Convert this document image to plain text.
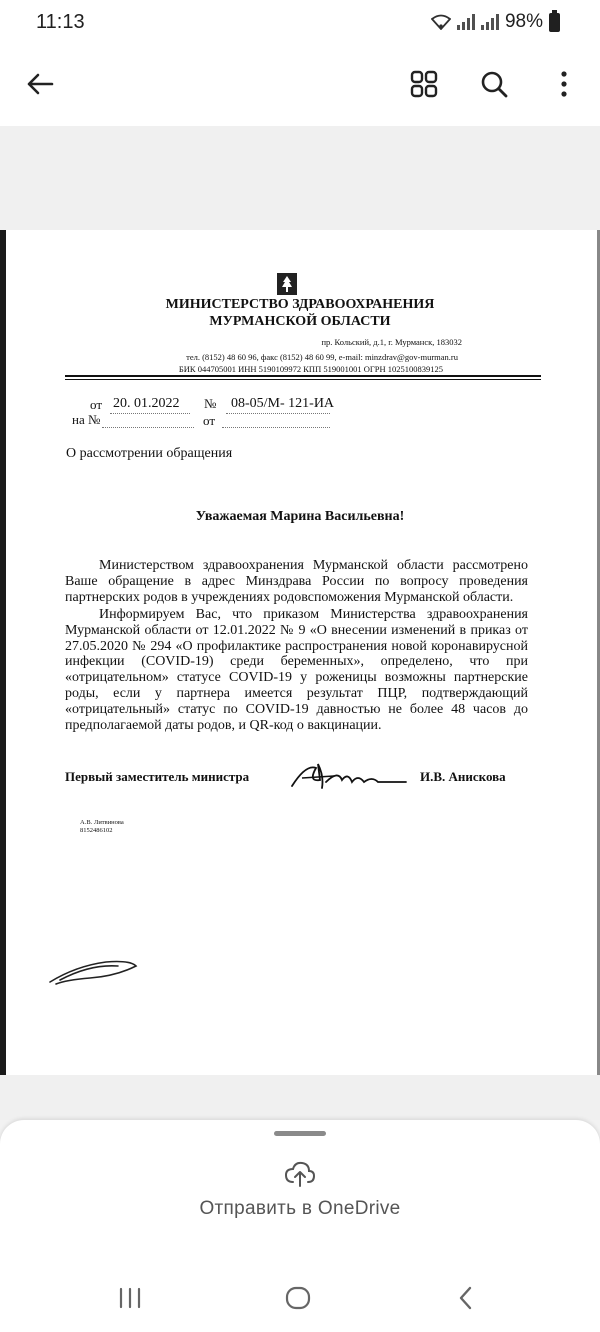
11:13	98%
МИНИСТЕРСТВО ЗДРАВООХРАНЕНИЯ
МУРМАНСКОЙ ОБЛАСТИ
пр. Кольский, д.1, г. Мурманск, 183032
тел. (8152) 48 60 96, факс (8152) 48 60 99, e-mail: minzdrav@gov-murman.ru
БИК 044705001 ИНН 5190109972 КПП 519001001 ОГРН 1025100839125
от 20. 01.2022 № 08-05/М- 121-ИА
на №	от
О рассмотрении обращения
Уважаемая Марина Васильевна!
Министерством здравоохранения Мурманской области рассмотрено Ваше обращение в адрес Минздрава России по вопросу проведения партнерских родов в учреждениях родовспоможения Мурманской области.
Информируем Вас, что приказом Министерства здравоохранения Мурманской области от 12.01.2022 № 9 «О внесении изменений в приказ от 27.05.2020 № 294 «О профилактике распространения новой коронавирусной инфекции (COVID-19) среди беременных», определено, что при «отрицательном» статусе COVID-19 у роженицы возможны партнерские роды, если у партнера имеется результат ПЦР, подтверждающий «отрицательный» статус по COVID-19 давностью не более 48 часов до предполагаемой даты родов, и QR-код о вакцинации.
Первый заместитель министра	И.В. Анискова
А.В. Литвинова
8152486102
Отправить в OneDrive
